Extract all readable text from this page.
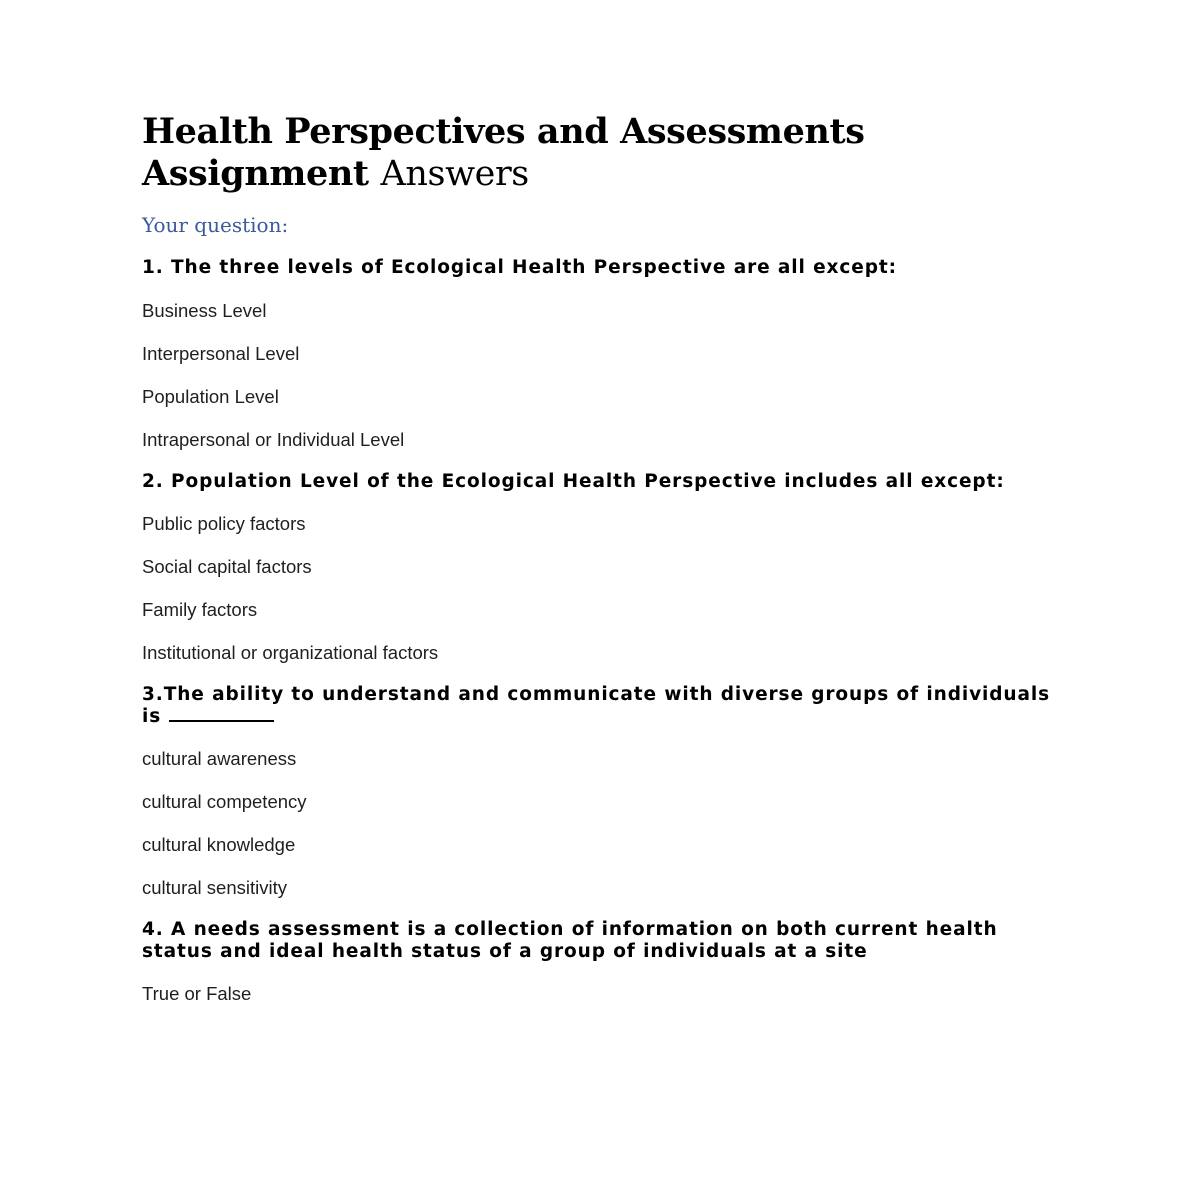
Health Perspectives and Assessments Assignment Answers
Your question:
1. The three levels of Ecological Health Perspective are all except:
Business Level
Interpersonal Level
Population Level
Intrapersonal or Individual Level
2. Population Level of the Ecological Health Perspective includes all except:
Public policy factors
Social capital factors
Family factors
Institutional or organizational factors
3.The ability to understand and communicate with diverse groups of individuals is
cultural awareness
cultural competency
cultural knowledge
cultural sensitivity
4. A needs assessment is a collection of information on both current health status and ideal health status of a group of individuals at a site
True or False
